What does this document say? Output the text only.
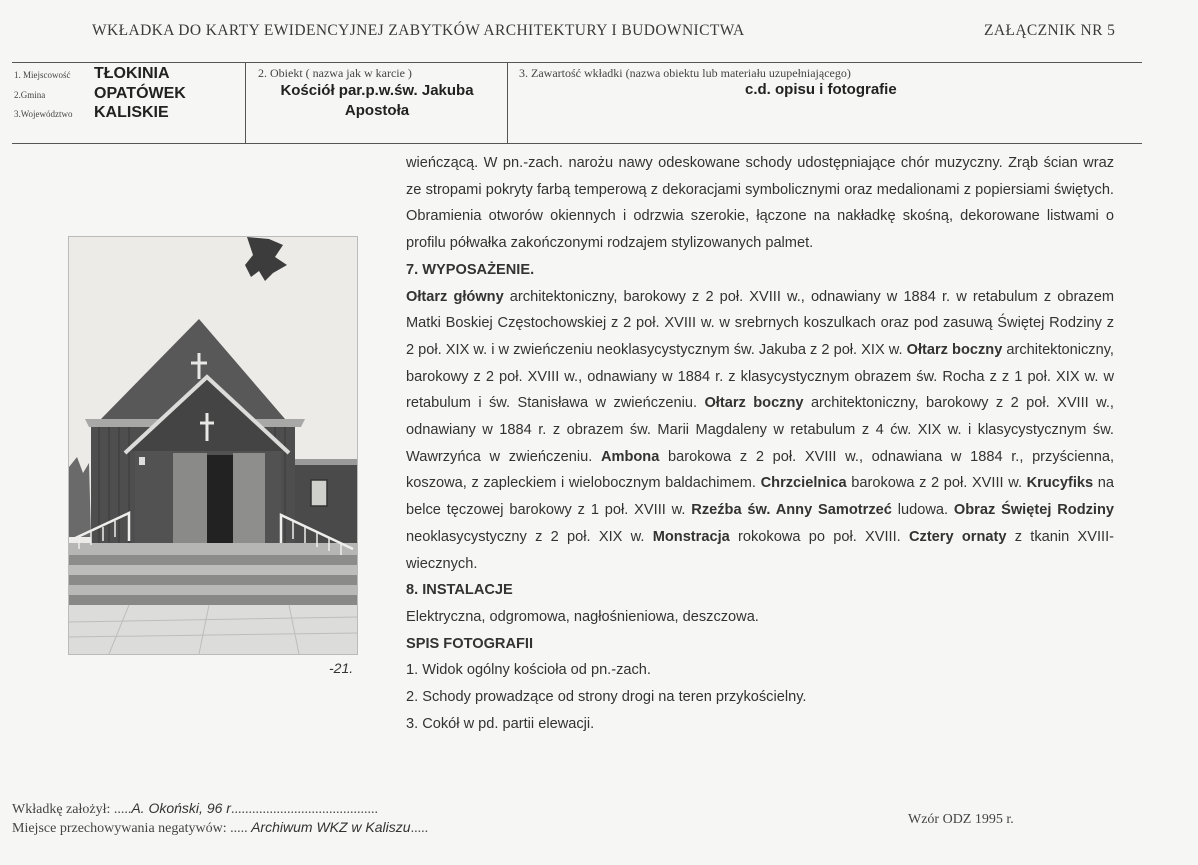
WKŁADKA DO KARTY EWIDENCYJNEJ ZABYTKÓW ARCHITEKTURY I BUDOWNICTWA	ZAŁĄCZNIK NR 5
1. Miejscowość	TŁOKINIA
2.Gmina	OPATÓWEK
3.Województwo	KALISKIE
2. Obiekt ( nazwa jak w karcie )
Kościół par.p.w.św. Jakuba
Apostoła
3. Zawartość wkładki (nazwa obiektu lub materiału uzupełniającego)
c.d. opisu i fotografie
-21.

wieńczącą. W pn.-zach. narożu nawy odeskowane schody udostępniające chór muzyczny. Zrąb ścian wraz ze stropami pokryty farbą temperową z dekoracjami symbolicznymi oraz medalionami z popiersiami świętych. Obramienia otworów okiennych i odrzwia szerokie, łączone na nakładkę skośną, dekorowane listwami o profilu półwałka zakończonymi rodzajem stylizowanych palmet.

7. WYPOSAŻENIE.

Ołtarz główny architektoniczny, barokowy z 2 poł. XVIII w., odnawiany w 1884 r. w retabulum z obrazem Matki Boskiej Częstochowskiej z 2 poł. XVIII w. w srebrnych koszulkach oraz pod zasuwą Świętej Rodziny z 2 poł. XIX w. i w zwieńczeniu neoklasycystycznym św. Jakuba z 2 poł. XIX w. Ołtarz boczny architektoniczny, barokowy z 2 poł. XVIII w., odnawiany w 1884 r. z klasycystycznym obrazem św. Rocha z z 1 poł. XIX w. w retabulum i św. Stanisława w zwieńczeniu. Ołtarz boczny architektoniczny, barokowy z 2 poł. XVIII w., odnawiany w 1884 r. z obrazem św. Marii Magdaleny w retabulum z 4 ćw. XIX w. i klasycystycznym św. Wawrzyńca w zwieńczeniu. Ambona barokowa z 2 poł. XVIII w., odnawiana w 1884 r., przyścienna, koszowa, z zapleckiem i wielobocznym baldachimem. Chrzcielnica barokowa z 2 poł. XVIII w. Krucyfiks na belce tęczowej barokowy z 1 poł. XVIII w. Rzeźba św. Anny Samotrzeć ludowa. Obraz Świętej Rodziny neoklasycystyczny z 2 poł. XIX w. Monstracja rokokowa po poł. XVIII. Cztery ornaty z tkanin XVIII-wiecznych.

8. INSTALACJE

Elektryczna, odgromowa, nagłośnieniowa, deszczowa.

SPIS FOTOGRAFII

1. Widok ogólny kościoła od pn.-zach.

2. Schody prowadzące od strony drogi na teren przykościelny.

3. Cokół w pd. partii elewacji.

Wkładkę założył: .....A. Okoński, 96 r..........................................
Miejsce przechowywania negatywów: ..... Archiwum WKZ w Kaliszu.....
Wzór ODZ 1995 r.
